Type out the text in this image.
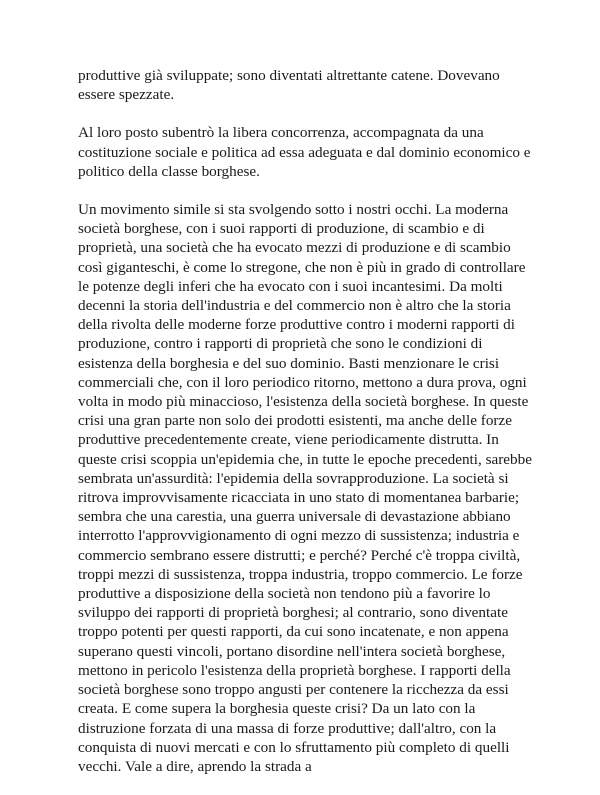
produttive già sviluppate; sono diventati altrettante catene. Dovevano essere spezzate.

Al loro posto subentrò la libera concorrenza, accompagnata da una costituzione sociale e politica ad essa adeguata e dal dominio economico e politico della classe borghese.

Un movimento simile si sta svolgendo sotto i nostri occhi. La moderna società borghese, con i suoi rapporti di produzione, di scambio e di proprietà, una società che ha evocato mezzi di produzione e di scambio così giganteschi, è come lo stregone, che non è più in grado di controllare le potenze degli inferi che ha evocato con i suoi incantesimi. Da molti decenni la storia dell'industria e del commercio non è altro che la storia della rivolta delle moderne forze produttive contro i moderni rapporti di produzione, contro i rapporti di proprietà che sono le condizioni di esistenza della borghesia e del suo dominio. Basti menzionare le crisi commerciali che, con il loro periodico ritorno, mettono a dura prova, ogni volta in modo più minaccioso, l'esistenza della società borghese. In queste crisi una gran parte non solo dei prodotti esistenti, ma anche delle forze produttive precedentemente create, viene periodicamente distrutta. In queste crisi scoppia un'epidemia che, in tutte le epoche precedenti, sarebbe sembrata un'assurdità: l'epidemia della sovrapproduzione. La società si ritrova improvvisamente ricacciata in uno stato di momentanea barbarie; sembra che una carestia, una guerra universale di devastazione abbiano interrotto l'approvvigionamento di ogni mezzo di sussistenza; industria e commercio sembrano essere distrutti; e perché? Perché c'è troppa civiltà, troppi mezzi di sussistenza, troppa industria, troppo commercio. Le forze produttive a disposizione della società non tendono più a favorire lo sviluppo dei rapporti di proprietà borghesi; al contrario, sono diventate troppo potenti per questi rapporti, da cui sono incatenate, e non appena superano questi vincoli, portano disordine nell'intera società borghese, mettono in pericolo l'esistenza della proprietà borghese. I rapporti della società borghese sono troppo angusti per contenere la ricchezza da essi creata. E come supera la borghesia queste crisi? Da un lato con la distruzione forzata di una massa di forze produttive; dall'altro, con la conquista di nuovi mercati e con lo sfruttamento più completo di quelli vecchi. Vale a dire, aprendo la strada a
